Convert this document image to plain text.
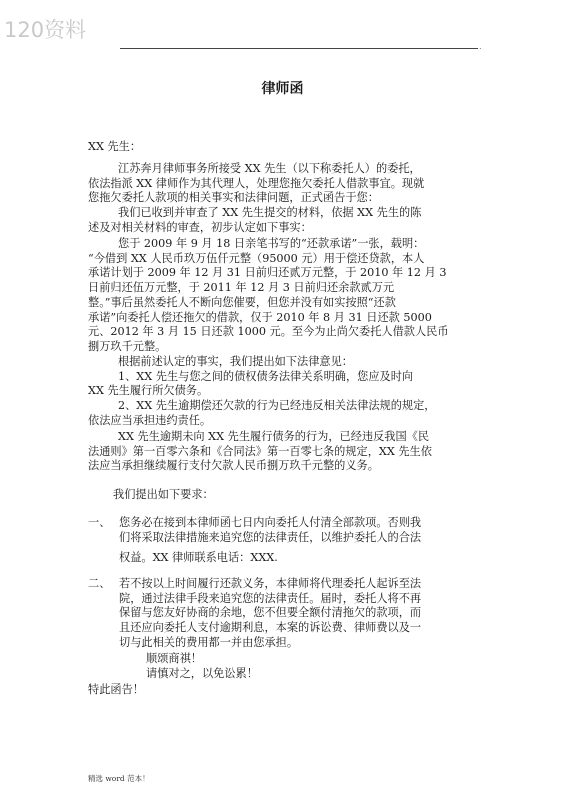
120资料
.
律师函
XX 先生：
江苏奔月律师事务所接受 XX 先生（以下称委托人）的委托，
依法指派 XX 律师作为其代理人，处理您拖欠委托人借款事宜。现就
您拖欠委托人款项的相关事实和法律问题，正式函告于您：
我们已收到并审查了 XX 先生提交的材料，依据 XX 先生的陈
述及对相关材料的审查，初步认定如下事实：
您于 2009 年 9 月 18 日亲笔书写的“还款承诺”一张，载明：
“今借到 XX 人民币玖万伍仟元整（95000 元）用于偿还贷款，本人
承诺计划于 2009 年 12 月 31 日前归还贰万元整，于 2010 年 12 月 3
日前归还伍万元整，于 2011 年 12 月 3 日前归还余款贰万元
整。”事后虽然委托人不断向您催要，但您并没有如实按照“还款
承诺”向委托人偿还拖欠的借款，仅于 2010 年 8 月 31 日还款 5000
元、2012 年 3 月 15 日还款 1000 元。至今为止尚欠委托人借款人民币
捌万玖千元整。
根据前述认定的事实，我们提出如下法律意见：
1、XX 先生与您之间的债权债务法律关系明确，您应及时向
XX 先生履行所欠债务。
2、XX 先生逾期偿还欠款的行为已经违反相关法律法规的规定，
依法应当承担违约责任。
XX 先生逾期未向 XX 先生履行债务的行为，已经违反我国《民
法通则》第一百零六条和《合同法》第一百零七条的规定，XX 先生依
法应当承担继续履行支付欠款人民币捌万玖千元整的义务。
我们提出如下要求：
一、 您务必在接到本律师函七日内向委托人付清全部款项。否则我
们将采取法律措施来追究您的法律责任，以维护委托人的合法
权益。XX 律师联系电话：XXX.
二、 若不按以上时间履行还款义务，本律师将代理委托人起诉至法
院，通过法律手段来追究您的法律责任。届时，委托人将不再
保留与您友好协商的余地，您不但要全额付清拖欠的款项，而
且还应向委托人支付逾期利息，本案的诉讼费、律师费以及一
切与此相关的费用都一并由您承担。
顺颂商祺！
请慎对之，以免讼累！
特此函告！
精选 word 范本！
